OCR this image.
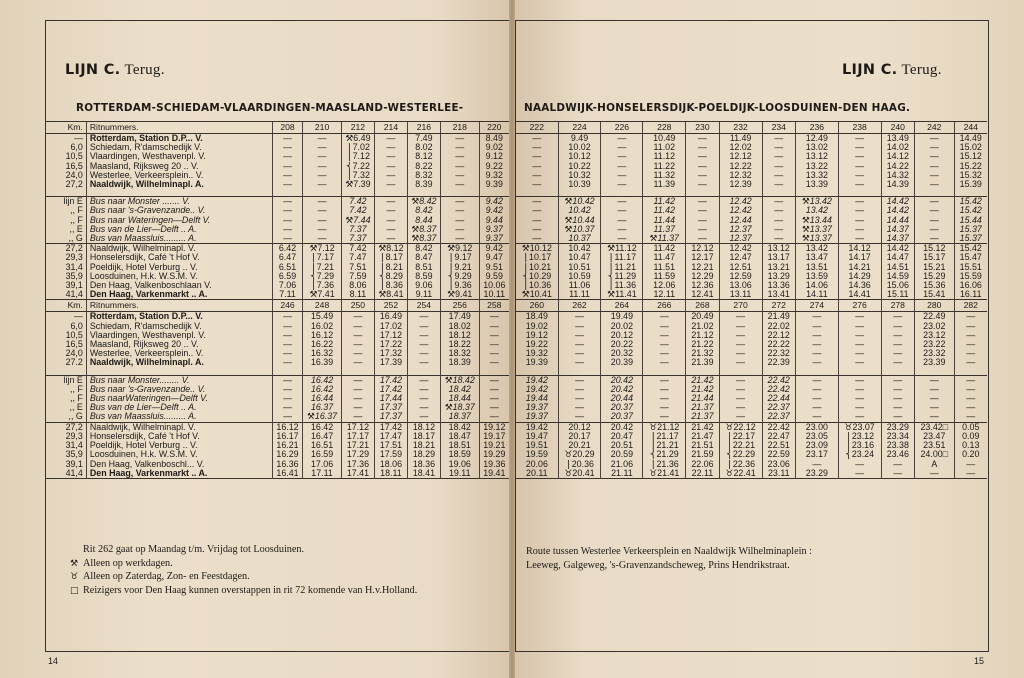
LIJN C. Terug.
ROTTERDAM-SCHIEDAM-VLAARDINGEN-MAASLAND-WESTERLEE-
Km.	Ritnummers.	208	210	212	214	216	218	220
—	Rotterdam, Station D.P... V.	—	—	⚒6.49	—	7.49	—	8.49
6,0	Schiedam, R'damschedijk V.	—	—	⎫7.02	—	8.02	—	9.02
10,5	Vlaardingen, Westhavenpl. V.	—	—	⎪7.12	—	8.12	—	9.12
16,5	Maasland, Rijksweg 20 .. V.	—	—	⎨7.22	—	8.22	—	9.22
24,0	Westerlee, Verkeersplein.. V.	—	—	⎪7.32	—	8.32	—	9.32
27,2	Naaldwijk, Wilhelminapl. A.	—	—	⚒7.39	—	8.39	—	9.39

lijn E	Bus naar Monster ....... V.	—	—	7.42	—	⚒8.42	—	9.42
,, F	Bus naar 's-Gravenzande.. V.	—	—	7.42	—	8.42	—	9.42
,, F	Bus naar Wateringen—Delft V.	—	—	⚒7.44	—	8.44	—	9.44
,, E	Bus van de Lier—Delft .. A.	—	—	7.37	—	⚒8.37	—	9.37
,, G	Bus van Maassluis......... A.	—	—	7.37	—	⚒8.37	—	9.37
27,2	Naaldwijk, Wilhelminapl. V.	6.42	⚒7.12	7.42	⚒8.12	8.42	⚒9.12	9.42
29,3	Honselersdijk, Café 't Hof V.	6.47	⎫7.17	7.47	⎫8.17	8.47	⎫9.17	9.47
31,4	Poeldijk, Hotel Verburg .. V.	6.51	⎪7.21	7.51	⎪8.21	8.51	⎪9.21	9.51
35,9	Loosduinen, H.k. W.S.M. V.	6.59	⎨7.29	7.59	⎨8.29	8.59	⎨9.29	9.59
39,1	Den Haag, Valkenboschlaan V.	7.06	⎪7.36	8.06	⎪8.36	9.06	⎪9.36	10.06
41,4	Den Haag, Varkenmarkt .. A.	7.11	⚒7.41	8.11	⚒8.41	9.11	⚒9.41	10.11
Km.	Ritnummers.	246	248	250	252	254	256	258
—	Rotterdam, Station D.P... V.	—	15.49	—	16.49	—	17.49	—
6,0	Schiedam, R'damschedijk V.	—	16.02	—	17.02	—	18.02	—
10,5	Vlaardingen, Westhavenpl. V.	—	16.12	—	17.12	—	18.12	—
16,5	Maasland, Rijksweg 20 .. V.	—	16.22	—	17.22	—	18.22	—
24,0	Westerlee, Verkeersplein.. V.	—	16.32	—	17.32	—	18.32	—
27.2	Naaldwijk, Wilhelminapl. A.	—	16.39	—	17.39	—	18.39	—

lijn E	Bus naar Monster........ V.	—	16.42	—	17.42	—	⚒18.42	—
,, F	Bus naar 's-Gravenzande.. V.	—	16.42	—	17.42	—	18.42	—
,, F	Bus naarWateringen—Delft V.	—	16.44	—	17.44	—	18.44	—
,, E	Bus van de Lier—Delft .. A.	—	16.37	—	17.37	—	⚒18.37	—
,, G	Bus van Maassluis......... A.	—	⚒16.37	—	17.37	—	18.37	—
27,2	Naaldwijk, Wilhelminapl. V.	16.12	16.42	17.12	17.42	18.12	18.42	19.12
29,3	Honselersdijk, Café 't Hof V.	16.17	16.47	17.17	17.47	18.17	18.47	19.17
31,4	Poeldijk, Hotel Verburg .. V.	16.21	16.51	17.21	17.51	18.21	18.51	19.21
35,9	Loosduinen, H.k. W.S.M. V.	16.29	16.59	17.29	17.59	18.29	18.59	19.29
39,1	Den Haag, Valkenboschl... V.	16.36	17.06	17.36	18.06	18.36	19.06	19.36
41,4	Den Haag, Varkenmarkt .. A.	16.41	17.11	17.41	18.11	18.41	19.11	19.41
Rit 262 gaat op Maandag t/m. Vrijdag tot Loosduinen.
⚒ Alleen op werkdagen.
♉ Alleen op Zaterdag, Zon- en Feestdagen.
□ Reizigers voor Den Haag kunnen overstappen in rit 72 komende van H.v.Holland.
14
LIJN C. Terug.
NAALDWIJK-HONSELERSDIJK-POELDIJK-LOOSDUINEN-DEN HAAG.
222	224	226	228	230	232	234	236	238	240	242	244
—	9.49	—	10.49	—	11.49	—	12.49	—	13.49	—	14.49
—	10.02	—	11.02	—	12.02	—	13.02	—	14.02	—	15.02
—	10.12	—	11.12	—	12.12	—	13.12	—	14.12	—	15.12
—	10.22	—	11.22	—	12.22	—	13.22	—	14.22	—	15.22
—	10.32	—	11.32	—	12.32	—	13.32	—	14.32	—	15.32
—	10.39	—	11.39	—	12.39	—	13.39	—	14.39	—	15.39

—	⚒10.42	—	11.42	—	12.42	—	⚒13.42	—	14.42	—	15.42
—	10.42	—	11.42	—	12.42	—	13.42	—	14.42	—	15.42
—	⚒10.44	—	11.44	—	12.44	—	⚒13.44	—	14.44	—	15.44
—	⚒10.37	—	11.37	—	12.37	—	⚒13.37	—	14.37	—	15.37
—	10.37	—	⚒11.37	—	12.37	—	⚒13.37	—	14.37	—	15.37
⚒10.12	10.42	⚒11.12	11.42	12.12	12.42	13.12	13.42	14.12	14.42	15.12	15.42
⎫10.17	10.47	⎫11.17	11.47	12.17	12.47	13.17	13.47	14.17	14.47	15.17	15.47
⎪10.21	10.51	⎪11.21	11.51	12.21	12.51	13.21	13.51	14.21	14.51	15.21	15.51
⎨10.29	10.59	⎨11.29	11.59	12.29	12.59	13.29	13.59	14.29	14.59	15.29	15.59
⎪10.36	11.06	⎪11.36	12.06	12.36	13.06	13.36	14.06	14.36	15.06	15.36	16.06
⚒10.41	11.11	⚒11.41	12.11	12.41	13.11	13.41	14.11	14.41	15.11	15.41	16.11
260	262	264	266	268	270	272	274	276	278	280	282
18.49	—	19.49	—	20.49	—	21.49	—	—	—	22.49	—
19.02	—	20.02	—	21.02	—	22.02	—	—	—	23.02	—
19.12	—	20.12	—	21.12	—	22.12	—	—	—	23.12	—
19.22	—	20.22	—	21.22	—	22.22	—	—	—	23.22	—
19.32	—	20.32	—	21.32	—	22.32	—	—	—	23.32	—
19.39	—	20.39	—	21.39	—	22.39	—	—	—	23.39	—

19.42	—	20.42	—	21.42	—	22.42	—	—	—	—	—
19.42	—	20.42	—	21.42	—	22.42	—	—	—	—	—
19.44	—	20.44	—	21.44	—	22.44	—	—	—	—	—
19.37	—	20.37	—	21.37	—	22.37	—	—	—	—	—
19.37	—	20.37	—	21.37	—	22.37	—	—	—	—	—
19.42	20.12	20.42	♉21.12	21.42	♉22.12	22.42	23.00	♉23.07	23.29	23.42□	0.05
19.47	20.17	20.47	⎫21.17	21.47	⎫22.17	22.47	23.05	⎫23.12	23.34	23.47	0.09
19.51	20.21	20.51	⎪21.21	21.51	⎪22.21	22.51	23.09	⎪23.16	23.38	23.51	0.13
19.59	♉20.29	20.59	⎨21.29	21.59	⎨22.29	22.59	23.17	⎨23.24	23.46	24.00□	0.20
20.06	⎪20.36	21.06	⎪21.36	22.06	⎪22.36	23.06	—	—	—	A	—
20.11	♉20.41	21.11	♉21.41	22.11	♉22.41	23.11	23.29	—	—	—	—
Route tussen Westerlee Verkeersplein en Naaldwijk Wilhelminaplein :
Leeweg, Galgeweg, 's-Gravenzandscheweg, Prins Hendrikstraat.
15
